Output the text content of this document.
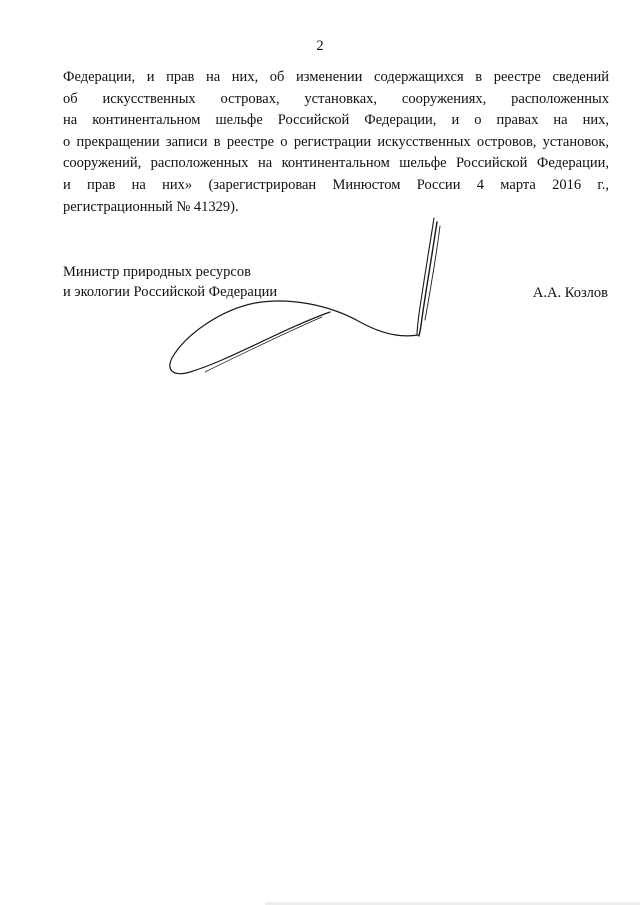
2
Федерации, и прав на них, об изменении содержащихся в реестре сведений
об искусственных островах, установках, сооружениях, расположенных
на континентальном шельфе Российской Федерации, и о правах на них,
о прекращении записи в реестре о регистрации искусственных островов, установок,
сооружений, расположенных на континентальном шельфе Российской Федерации,
и прав на них» (зарегистрирован Минюстом России 4 марта 2016 г.,
регистрационный № 41329).
Министр природных ресурсов
и экологии Российской Федерации	А.А. Козлов
